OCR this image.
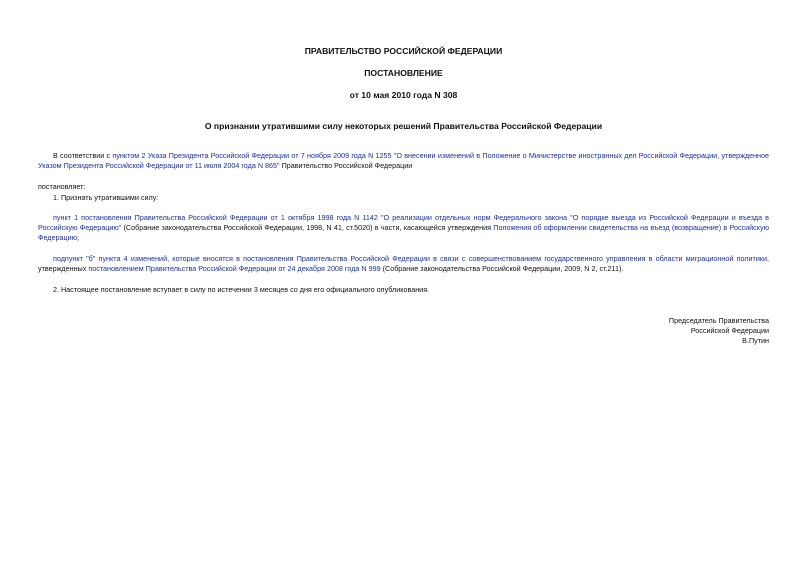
ПРАВИТЕЛЬСТВО РОССИЙСКОЙ ФЕДЕРАЦИИ
ПОСТАНОВЛЕНИЕ
от 10 мая 2010 года N 308
О признании утратившими силу некоторых решений Правительства Российской Федерации
В соответствии с пунктом 2 Указа Президента Российской Федерации от 7 ноября 2009 года N 1255 "О внесении изменений в Положение о Министерстве иностранных дел Российской Федерации, утвержденное Указом Президента Российской Федерации от 11 июля 2004 года N 865" Правительство Российской Федерации
постановляет:
1. Признать утратившими силу:
пункт 1 постановления Правительства Российской Федерации от 1 октября 1998 года N 1142 "О реализации отдельных норм Федерального закона "О порядке выезда из Российской Федерации и въезда в Российскую Федерацию" (Собрание законодательства Российской Федерации, 1998, N 41, ст.5020) в части, касающейся утверждения Положения об оформлении свидетельства на въезд (возвращение) в Российскую Федерацию;
подпункт "б" пункта 4 изменений, которые вносятся в постановления Правительства Российской Федерации в связи с совершенствованием государственного управления в области миграционной политики, утвержденных постановлением Правительства Российской Федерации от 24 декабря 2008 года N 999 (Собрание законодательства Российской Федерации, 2009, N 2, ст.211).
2. Настоящее постановление вступает в силу по истечении 3 месяцев со дня его официального опубликования.
Председатель Правительства
Российской Федерации
В.Путин
